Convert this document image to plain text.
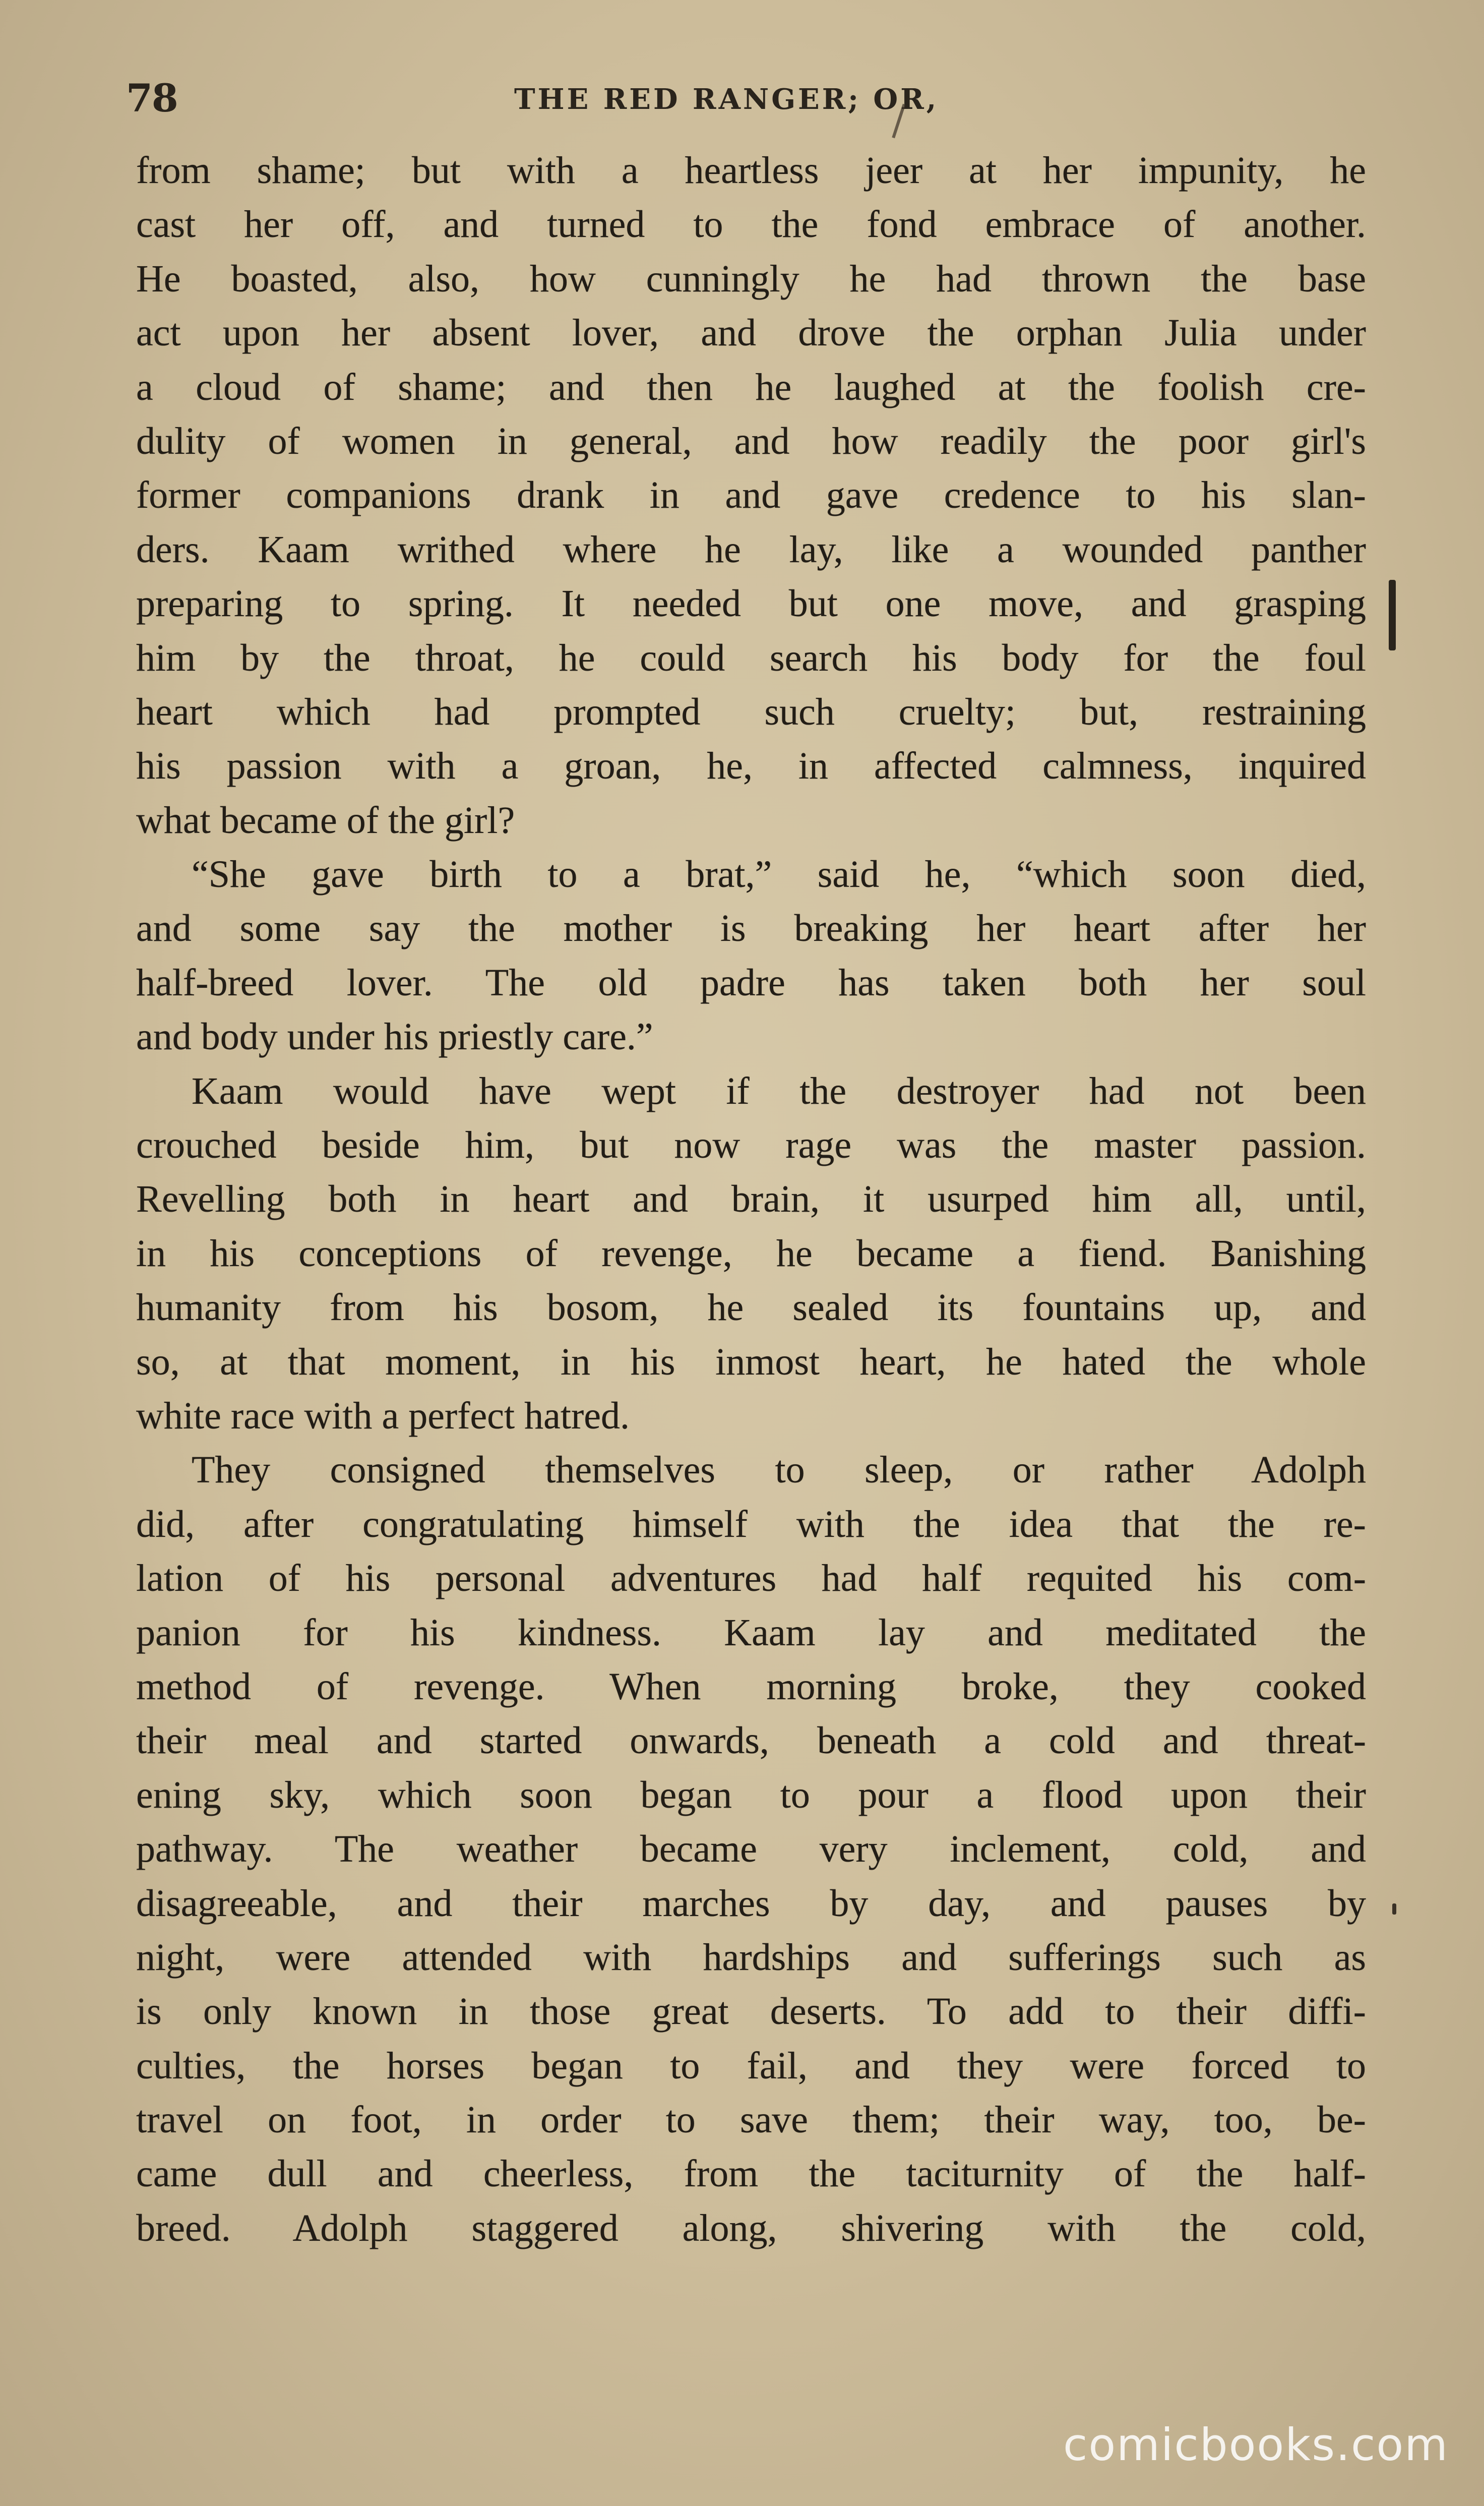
78	THE RED RANGER; OR,
from shame; but with a heartless jeer at her impunity, he
cast her off, and turned to the fond embrace of another.
He boasted, also, how cunningly he had thrown the base
act upon her absent lover, and drove the orphan Julia under
a cloud of shame; and then he laughed at the foolish cre-
dulity of women in general, and how readily the poor girl's
former companions drank in and gave credence to his slan-
ders. Kaam writhed where he lay, like a wounded panther
preparing to spring. It needed but one move, and grasping
him by the throat, he could search his body for the foul
heart which had prompted such cruelty; but, restraining
his passion with a groan, he, in affected calmness, inquired
what became of the girl?
“She gave birth to a brat,” said he, “which soon died,
and some say the mother is breaking her heart after her
half-breed lover. The old padre has taken both her soul
and body under his priestly care.”
Kaam would have wept if the destroyer had not been
crouched beside him, but now rage was the master passion.
Revelling both in heart and brain, it usurped him all, until,
in his conceptions of revenge, he became a fiend. Banishing
humanity from his bosom, he sealed its fountains up, and
so, at that moment, in his inmost heart, he hated the whole
white race with a perfect hatred.
They consigned themselves to sleep, or rather Adolph
did, after congratulating himself with the idea that the re-
lation of his personal adventures had half requited his com-
panion for his kindness. Kaam lay and meditated the
method of revenge. When morning broke, they cooked
their meal and started onwards, beneath a cold and threat-
ening sky, which soon began to pour a flood upon their
pathway. The weather became very inclement, cold, and
disagreeable, and their marches by day, and pauses by
night, were attended with hardships and sufferings such as
is only known in those great deserts. To add to their diffi-
culties, the horses began to fail, and they were forced to
travel on foot, in order to save them; their way, too, be-
came dull and cheerless, from the taciturnity of the half-
breed. Adolph staggered along, shivering with the cold,
comicbooks.com
